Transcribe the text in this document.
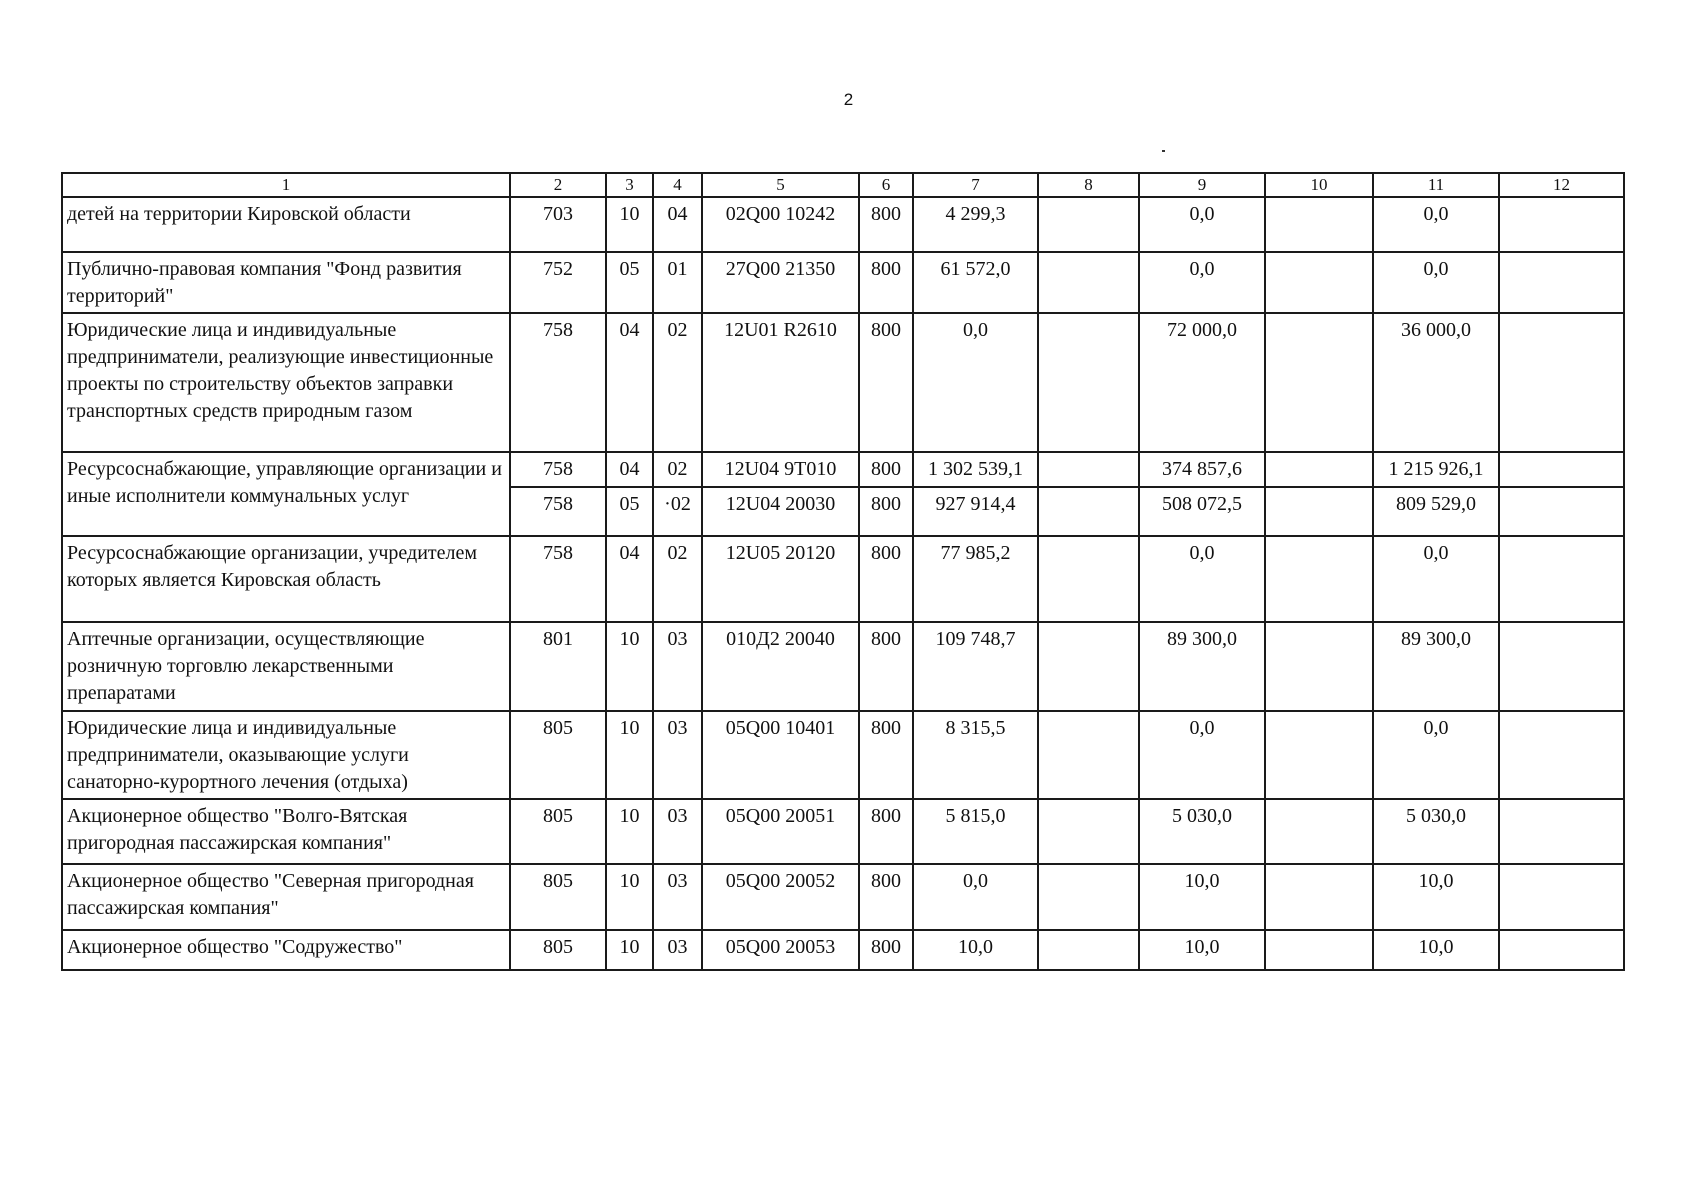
2
1	2	3	4	5	6	7	8	9	10	11	12
детей на территории Кировской области	703	10	04	02Q00 10242	800	4 299,3		0,0		0,0	
Публично-правовая компания "Фонд развития территорий"	752	05	01	27Q00 21350	800	61 572,0		0,0		0,0	
Юридические лица и индивидуальные предприниматели, реализующие инвестиционные проекты по строительству объектов заправки транспортных средств природным газом	758	04	02	12U01 R2610	800	0,0		72 000,0		36 000,0	
Ресурсоснабжающие, управляющие организации и иные исполнители коммунальных услуг	758	04	02	12U04 9T010	800	1 302 539,1		374 857,6		1 215 926,1	
	758	05	·02	12U04 20030	800	927 914,4		508 072,5		809 529,0	
Ресурсоснабжающие организации, учредителем которых является Кировская область	758	04	02	12U05 20120	800	77 985,2		0,0		0,0	
Аптечные организации, осуществляющие розничную торговлю лекарственными препаратами	801	10	03	010Д2 20040	800	109 748,7		89 300,0		89 300,0	
Юридические лица и индивидуальные предприниматели, оказывающие услуги санаторно-курортного лечения (отдыха)	805	10	03	05Q00 10401	800	8 315,5		0,0		0,0	
Акционерное общество "Волго-Вятская пригородная пассажирская компания"	805	10	03	05Q00 20051	800	5 815,0		5 030,0		5 030,0	
Акционерное общество "Северная пригородная пассажирская компания"	805	10	03	05Q00 20052	800	0,0		10,0		10,0	
Акционерное общество "Содружество"	805	10	03	05Q00 20053	800	10,0		10,0		10,0	
